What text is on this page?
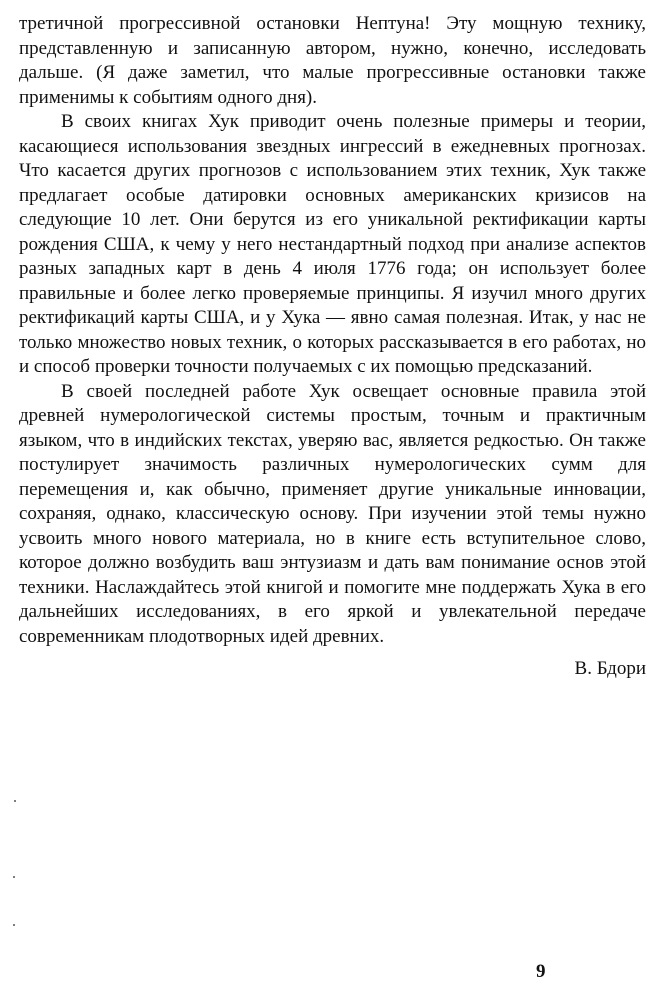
третичной прогрессивной остановки Нептуна! Эту мощную технику, представленную и записанную автором, нужно, конечно, исследовать дальше. (Я даже заметил, что малые прогрессивные остановки также применимы к событиям одного дня).

В своих книгах Хук приводит очень полезные примеры и теории, касающиеся использования звездных ингрессий в ежедневных прогнозах. Что касается других прогнозов с использованием этих техник, Хук также предлагает особые датировки основных американских кризисов на следующие 10 лет. Они берутся из его уникальной ректификации карты рождения США, к чему у него нестандартный подход при анализе аспектов разных западных карт в день 4 июля 1776 года; он использует более правильные и более легко проверяемые принципы. Я изучил много других ректификаций карты США, и у Хука — явно самая полезная. Итак, у нас не только множество новых техник, о которых рассказывается в его работах, но и способ проверки точности получаемых с их помощью предсказаний.

В своей последней работе Хук освещает основные правила этой древней нумерологической системы простым, точным и практичным языком, что в индийских текстах, уверяю вас, является редкостью. Он также постулирует значимость различных нумерологических сумм для перемещения и, как обычно, применяет другие уникальные инновации, сохраняя, однако, классическую основу. При изучении этой темы нужно усвоить много нового материала, но в книге есть вступительное слово, которое должно возбудить ваш энтузиазм и дать вам понимание основ этой техники. Наслаждайтесь этой книгой и помогите мне поддержать Хука в его дальнейших исследованиях, в его яркой и увлекательной передаче современникам плодотворных идей древних.

В. Бдори
9
